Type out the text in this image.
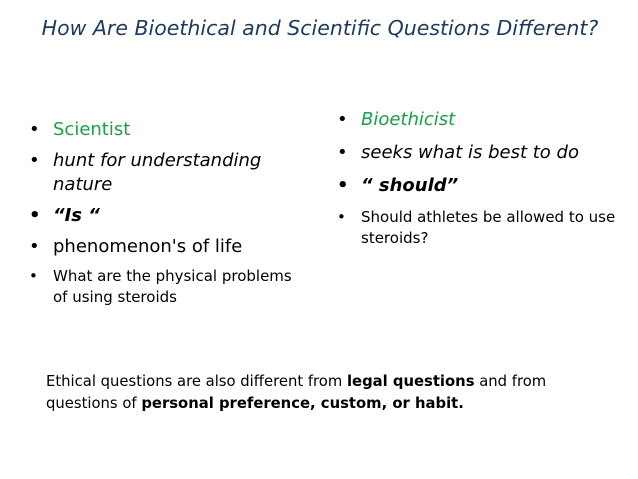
How Are Bioethical and Scientific Questions Different?
• Scientist
• hunt for understanding nature
• “Is “
• phenomenon's of life
• What are the physical problems of using steroids
• Bioethicist
• seeks what is best to do
• “ should”
• Should athletes be allowed to use steroids?
Ethical questions are also different from legal questions and from questions of personal preference, custom, or habit.
